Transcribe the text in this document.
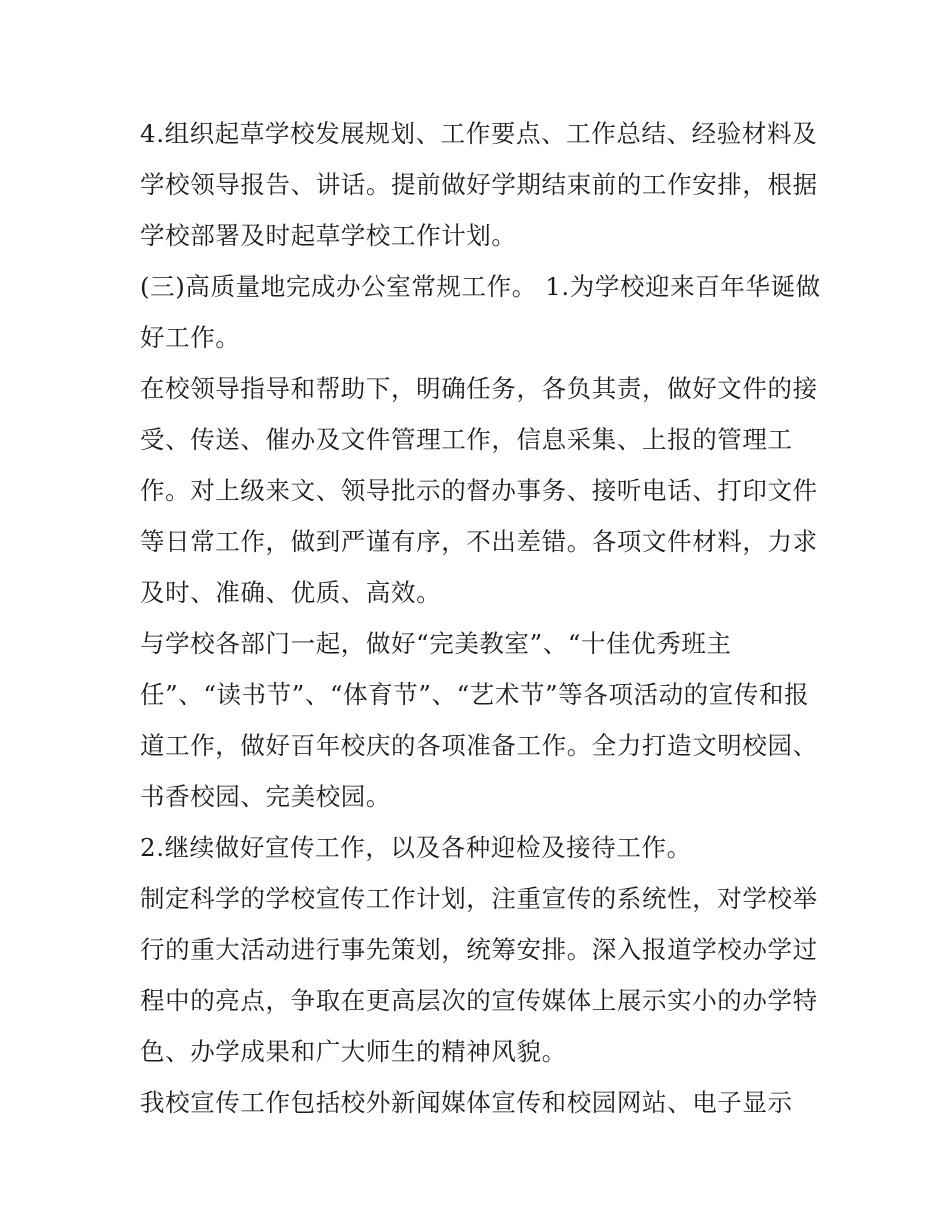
4.组织起草学校发展规划、工作要点、工作总结、经验材料及
学校领导报告、讲话。提前做好学期结束前的工作安排，根据
学校部署及时起草学校工作计划。
(三)高质量地完成办公室常规工作。 1.为学校迎来百年华诞做
好工作。
在校领导指导和帮助下，明确任务，各负其责，做好文件的接
受、传送、催办及文件管理工作，信息采集、上报的管理工
作。对上级来文、领导批示的督办事务、接听电话、打印文件
等日常工作，做到严谨有序，不出差错。各项文件材料，力求
及时、准确、优质、高效。
与学校各部门一起，做好“完美教室”、“十佳优秀班主
任”、“读书节”、“体育节”、“艺术节”等各项活动的宣传和报
道工作，做好百年校庆的各项准备工作。全力打造文明校园、
书香校园、完美校园。
2.继续做好宣传工作，以及各种迎检及接待工作。
制定科学的学校宣传工作计划，注重宣传的系统性，对学校举
行的重大活动进行事先策划，统筹安排。深入报道学校办学过
程中的亮点，争取在更高层次的宣传媒体上展示实小的办学特
色、办学成果和广大师生的精神风貌。
我校宣传工作包括校外新闻媒体宣传和校园网站、电子显示
